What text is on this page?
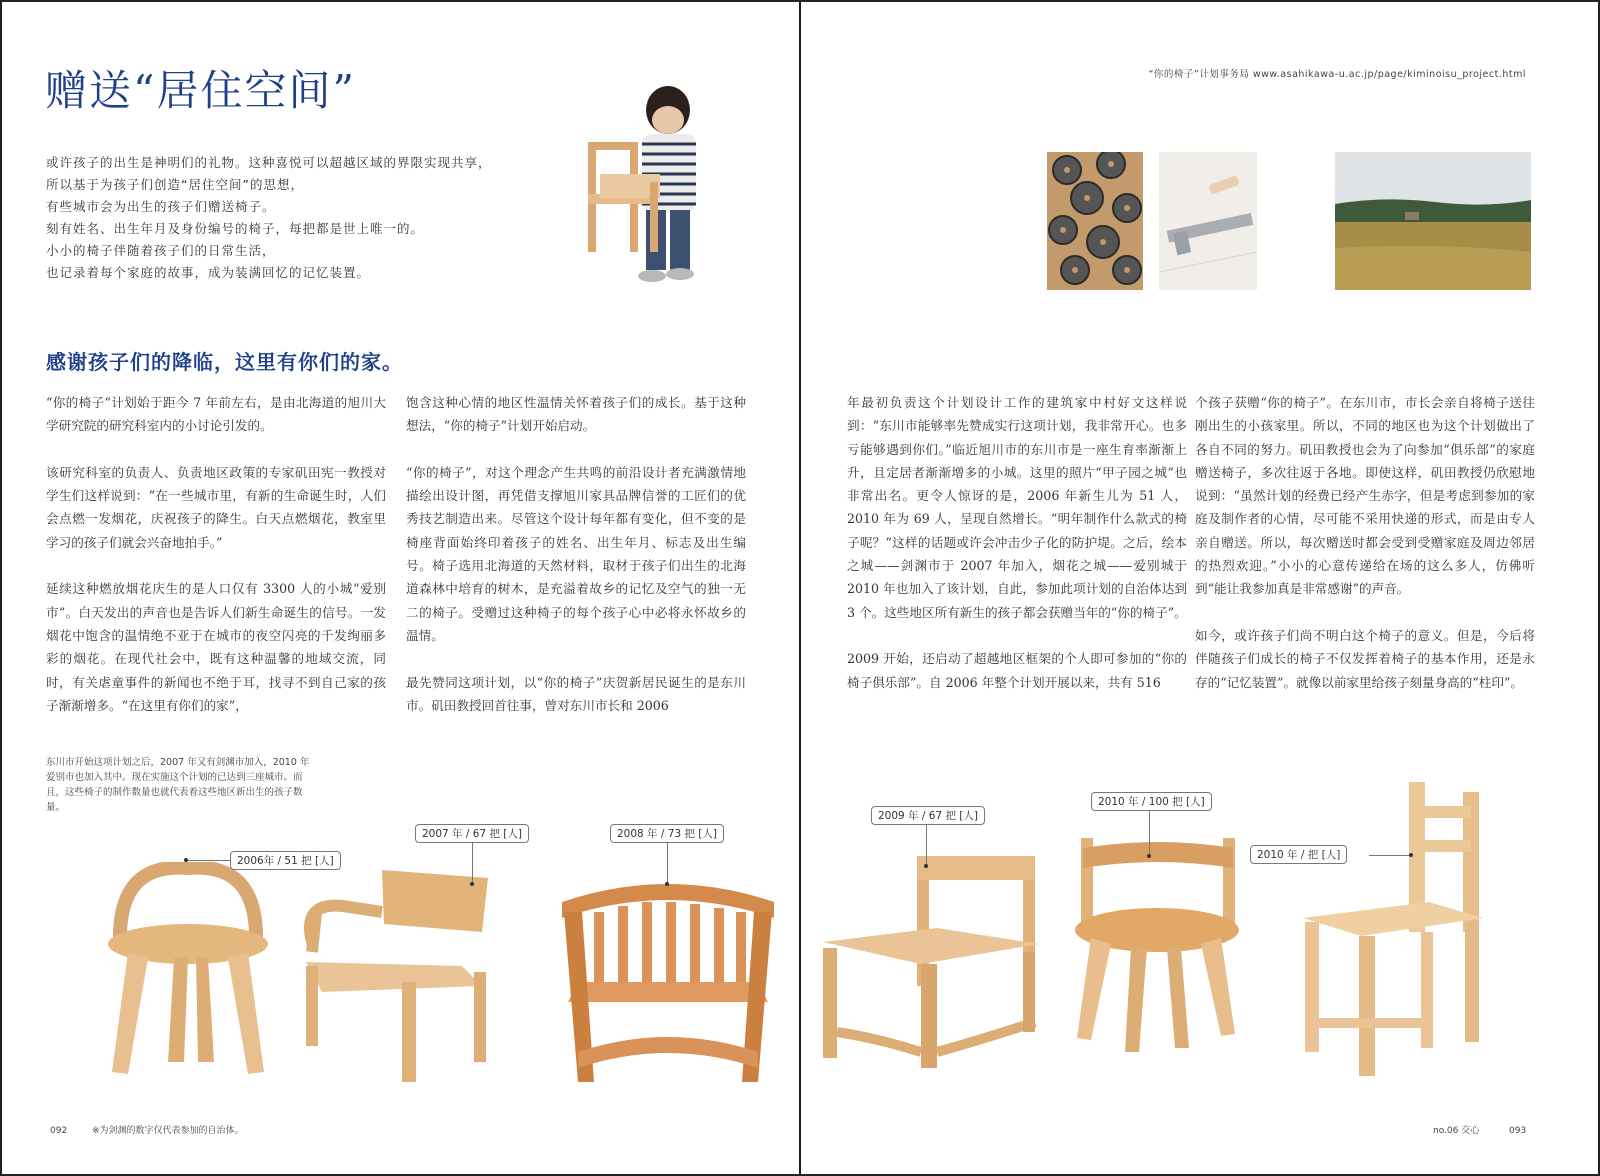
赠送“居住空间”

或许孩子的出生是神明们的礼物。这种喜悦可以超越区域的界限实现共享，

所以基于为孩子们创造“居住空间”的思想，

有些城市会为出生的孩子们赠送椅子。

刻有姓名、出生年月及身份编号的椅子，每把都是世上唯一的。

小小的椅子伴随着孩子们的日常生活，

也记录着每个家庭的故事，成为装满回忆的记忆装置。

感谢孩子们的降临，这里有你们的家。

“你的椅子”计划始于距今 7 年前左右，是由北海道的旭川大学研究院的研究科室内的小讨论引发的。

该研究科室的负责人、负责地区政策的专家矶田宪一教授对学生们这样说到：“在一些城市里，有新的生命诞生时，人们会点燃一发烟花，庆祝孩子的降生。白天点燃烟花，教室里学习的孩子们就会兴奋地拍手。”

延续这种燃放烟花庆生的是人口仅有 3300 人的小城“爱别市”。白天发出的声音也是告诉人们新生命诞生的信号。一发烟花中饱含的温情绝不亚于在城市的夜空闪亮的千发绚丽多彩的烟花。在现代社会中，既有这种温馨的地域交流，同时，有关虐童事件的新闻也不绝于耳，找寻不到自己家的孩子渐渐增多。“在这里有你们的家”，

饱含这种心情的地区性温情关怀着孩子们的成长。基于这种想法，“你的椅子”计划开始启动。

“你的椅子”，对这个理念产生共鸣的前沿设计者充满激情地描绘出设计图，再凭借支撑旭川家具品牌信誉的工匠们的优秀技艺制造出来。尽管这个设计每年都有变化，但不变的是椅座背面始终印着孩子的姓名、出生年月、标志及出生编号。椅子选用北海道的天然材料，取材于孩子们出生的北海道森林中培育的树木，是充溢着故乡的记忆及空气的独一无二的椅子。受赠过这种椅子的每个孩子心中必将永怀故乡的温情。

最先赞同这项计划，以“你的椅子”庆贺新居民诞生的是东川市。矶田教授回首往事，曾对东川市长和 2006

东川市开始这项计划之后，2007 年又有剑渊市加入，2010 年爱别市也加入其中。现在实施这个计划的已达到三座城市。而且，这些椅子的制作数量也就代表着这些地区新出生的孩子数量。
2006年 / 51 把 [人]
2007 年 / 67 把 [人]	2008 年 / 73 把 [人]
092	※为剑渊的数字仅代表参加的自治体。
“你的椅子”计划事务局 www.asahikawa-u.ac.jp/page/kiminoisu_project.html

年最初负责这个计划设计工作的建筑家中村好文这样说到：“东川市能够率先赞成实行这项计划，我非常开心。也多亏能够遇到你们。”临近旭川市的东川市是一座生育率渐渐上升，且定居者渐渐增多的小城。这里的照片“甲子园之城”也非常出名。更令人惊讶的是，2006 年新生儿为 51 人，2010 年为 69 人，呈现自然增长。“明年制作什么款式的椅子呢？”这样的话题或许会冲击少子化的防护堤。之后，绘本之城——剑渊市于 2007 年加入，烟花之城——爱别城于 2010 年也加入了该计划，自此，参加此项计划的自治体达到 3 个。这些地区所有新生的孩子都会获赠当年的“你的椅子”。

2009 开始，还启动了超越地区框架的个人即可参加的“你的椅子俱乐部”。自 2006 年整个计划开展以来，共有 516

个孩子获赠“你的椅子”。在东川市，市长会亲自将椅子送往刚出生的小孩家里。所以，不同的地区也为这个计划做出了各自不同的努力。矶田教授也会为了向参加“俱乐部”的家庭赠送椅子，多次往返于各地。即使这样，矶田教授仍欣慰地说到：“虽然计划的经费已经产生赤字，但是考虑到参加的家庭及制作者的心情，尽可能不采用快递的形式，而是由专人亲自赠送。所以，每次赠送时都会受到受赠家庭及周边邻居的热烈欢迎。”小小的心意传递给在场的这么多人，仿佛听到“能让我参加真是非常感谢”的声音。

如今，或许孩子们尚不明白这个椅子的意义。但是，今后将伴随孩子们成长的椅子不仅发挥着椅子的基本作用，还是永存的“记忆装置”。就像以前家里给孩子刻量身高的“柱印”。

2009 年 / 67 把 [人]
2010 年 / 100 把 [人]
2010 年 / 把 [人]
no.06 交心	093
